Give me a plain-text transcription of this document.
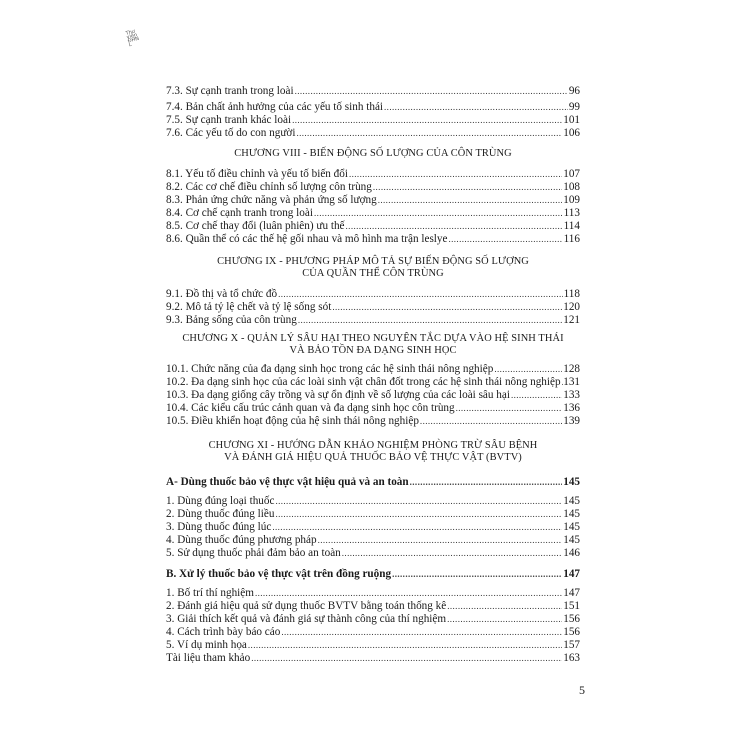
Thư viện ĐHNL
7.3. Sự cạnh tranh trong loài .....	96
7.4. Bản chất ảnh hưởng của các yếu tố sinh thái .....	99
7.5. Sự cạnh tranh khác loài .....	101
7.6. Các yếu tố do con người .....	106
CHƯƠNG VIII - BIẾN ĐỘNG SỐ LƯỢNG CỦA CÔN TRÙNG
8.1. Yếu tố điều chỉnh và yếu tố biến đổi .....	107
8.2. Các cơ chế điều chỉnh số lượng côn trùng .....	108
8.3. Phản ứng chức năng và phản ứng số lượng .....	109
8.4. Cơ chế cạnh tranh trong loài .....	113
8.5. Cơ chế thay đổi (luân phiên) ưu thế .....	114
8.6. Quần thể có các thế hệ gối nhau và mô hình ma trận leslye .....	116
CHƯƠNG IX - PHƯƠNG PHÁP MÔ TẢ SỰ BIẾN ĐỘNG SỐ LƯỢNG
CỦA QUẦN THỂ CÔN TRÙNG
9.1. Đồ thị và tổ chức đồ .....	118
9.2. Mô tả tỷ lệ chết và tỷ lệ sống sót .....	120
9.3. Bảng sống của côn trùng .....	121
CHƯƠNG X - QUẢN LÝ SÂU HẠI THEO NGUYÊN TẮC DỰA VÀO HỆ SINH THÁI
VÀ BẢO TỒN ĐA DẠNG SINH HỌC
10.1. Chức năng của đa dạng sinh học trong các hệ sinh thái nông nghiệp .....	128
10.2. Đa dạng sinh học của các loài sinh vật chân đốt trong các hệ sinh thái nông nghiệp ..... 131
10.3. Đa dạng giống cây trồng và sự ổn định về số lượng của các loài sâu hại .....	133
10.4. Các kiểu cấu trúc cảnh quan và đa dạng sinh học côn trùng .....	136
10.5. Điều khiển hoạt động của hệ sinh thái nông nghiệp .....	139
CHƯƠNG XI - HƯỚNG DẪN KHẢO NGHIỆM PHÒNG TRỪ SÂU BỆNH
VÀ ĐÁNH GIÁ HIỆU QUẢ THUỐC BẢO VỆ THỰC VẬT (BVTV)
A- Dùng thuốc bảo vệ thực vật hiệu quả và an toàn .....	145
1. Dùng đúng loại thuốc .....	145
2. Dùng thuốc đúng liều .....	145
3. Dùng thuốc đúng lúc .....	145
4. Dùng thuốc đúng phương pháp .....	145
5. Sử dụng thuốc phải đảm bảo an toàn .....	146
B. Xử lý thuốc bảo vệ thực vật trên đồng ruộng .....	147
1. Bố trí thí nghiệm .....	147
2. Đánh giá hiệu quả sử dụng thuốc BVTV bằng toán thống kê .....	151
3. Giải thích kết quả và đánh giá sự thành công của thí nghiệm .....	156
4. Cách trình bày báo cáo .....	156
5. Ví dụ minh họa .....	157
Tài liệu tham khảo .....	163
5
